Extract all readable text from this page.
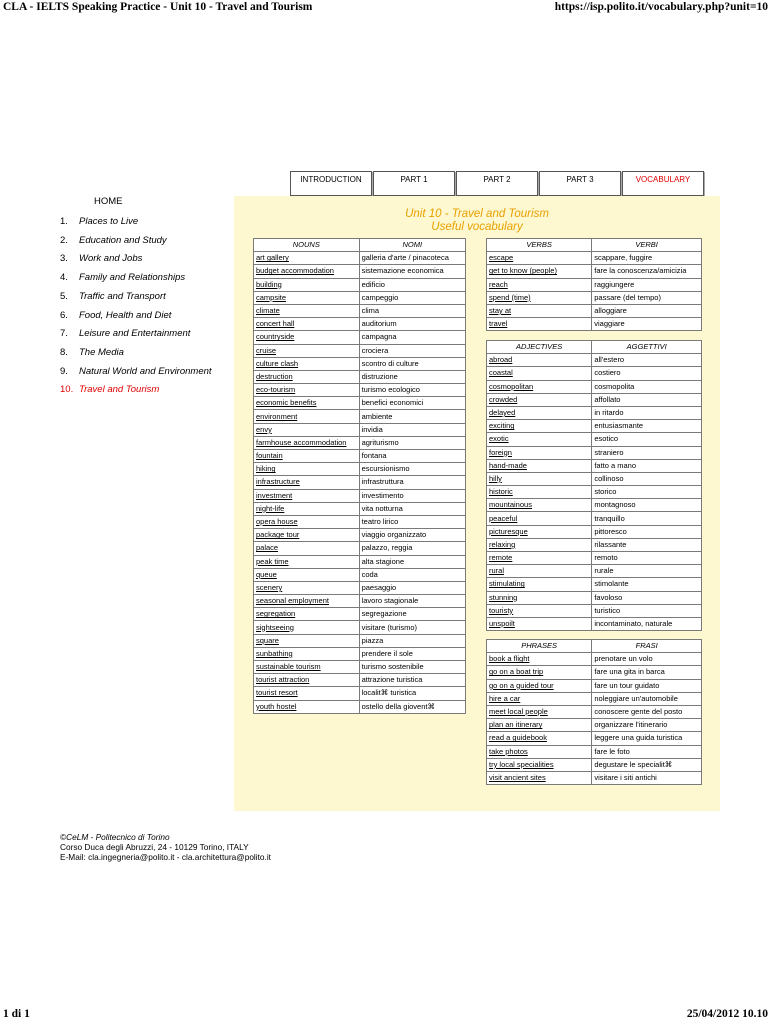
CLA - IELTS Speaking Practice - Unit 10 - Travel and Tourism	https://isp.polito.it/vocabulary.php?unit=10
INTRODUCTION	PART 1	PART 2	PART 3	VOCABULARY
HOME
1. Places to Live
2. Education and Study
3. Work and Jobs
4. Family and Relationships
5. Traffic and Transport
6. Food, Health and Diet
7. Leisure and Entertainment
8. The Media
9. Natural World and Environment
10. Travel and Tourism
Unit 10 - Travel and Tourism
Useful vocabulary
NOUNS	NOMI
art gallery	galleria d'arte / pinacoteca
budget accommodation	sistemazione economica
building	edificio
campsite	campeggio
climate	clima
concert hall	auditorium
countryside	campagna
cruise	crociera
culture clash	scontro di culture
destruction	distruzione
eco-tourism	turismo ecologico
economic benefits	benefici economici
environment	ambiente
envy	invidia
farmhouse accommodation	agriturismo
fountain	fontana
hiking	escursionismo
infrastructure	infrastruttura
investment	investimento
night-life	vita notturna
opera house	teatro lirico
package tour	viaggio organizzato
palace	palazzo, reggia
peak time	alta stagione
queue	coda
scenery	paesaggio
seasonal employment	lavoro stagionale
segregation	segregazione
sightseeing	visitare (turismo)
square	piazza
sunbathing	prendere il sole
sustainable tourism	turismo sostenibile
tourist attraction	attrazione turistica
tourist resort	localit⌘ turistica
youth hostel	ostello della giovent⌘
VERBS	VERBI
escape	scappare, fuggire
get to know (people)	fare la conoscenza/amicizia
reach	raggiungere
spend (time)	passare (del tempo)
stay at	alloggiare
travel	viaggiare
ADJECTIVES	AGGETTIVI
abroad	all'estero
coastal	costiero
cosmopolitan	cosmopolita
crowded	affollato
delayed	in ritardo
exciting	entusiasmante
exotic	esotico
foreign	straniero
hand-made	fatto a mano
hilly	collinoso
historic	storico
mountainous	montagnoso
peaceful	tranquillo
picturesque	pittoresco
relaxing	rilassante
remote	remoto
rural	rurale
stimulating	stimolante
stunning	favoloso
touristy	turistico
unspoilt	incontaminato, naturale
PHRASES	FRASI
book a flight	prenotare un volo
go on a boat trip	fare una gita in barca
go on a guided tour	fare un tour guidato
hire a car	noleggiare un'automobile
meet local people	conoscere gente del posto
plan an itinerary	organizzare l'itinerario
read a guidebook	leggere una guida turistica
take photos	fare le foto
try local specialities	degustare le specialit⌘
visit ancient sites	visitare i siti antichi
©CeLM - Politecnico di Torino
Corso Duca degli Abruzzi, 24 - 10129 Torino, ITALY
E-Mail: cla.ingegneria@polito.it - cla.architettura@polito.it
1 di 1	25/04/2012 10.10
